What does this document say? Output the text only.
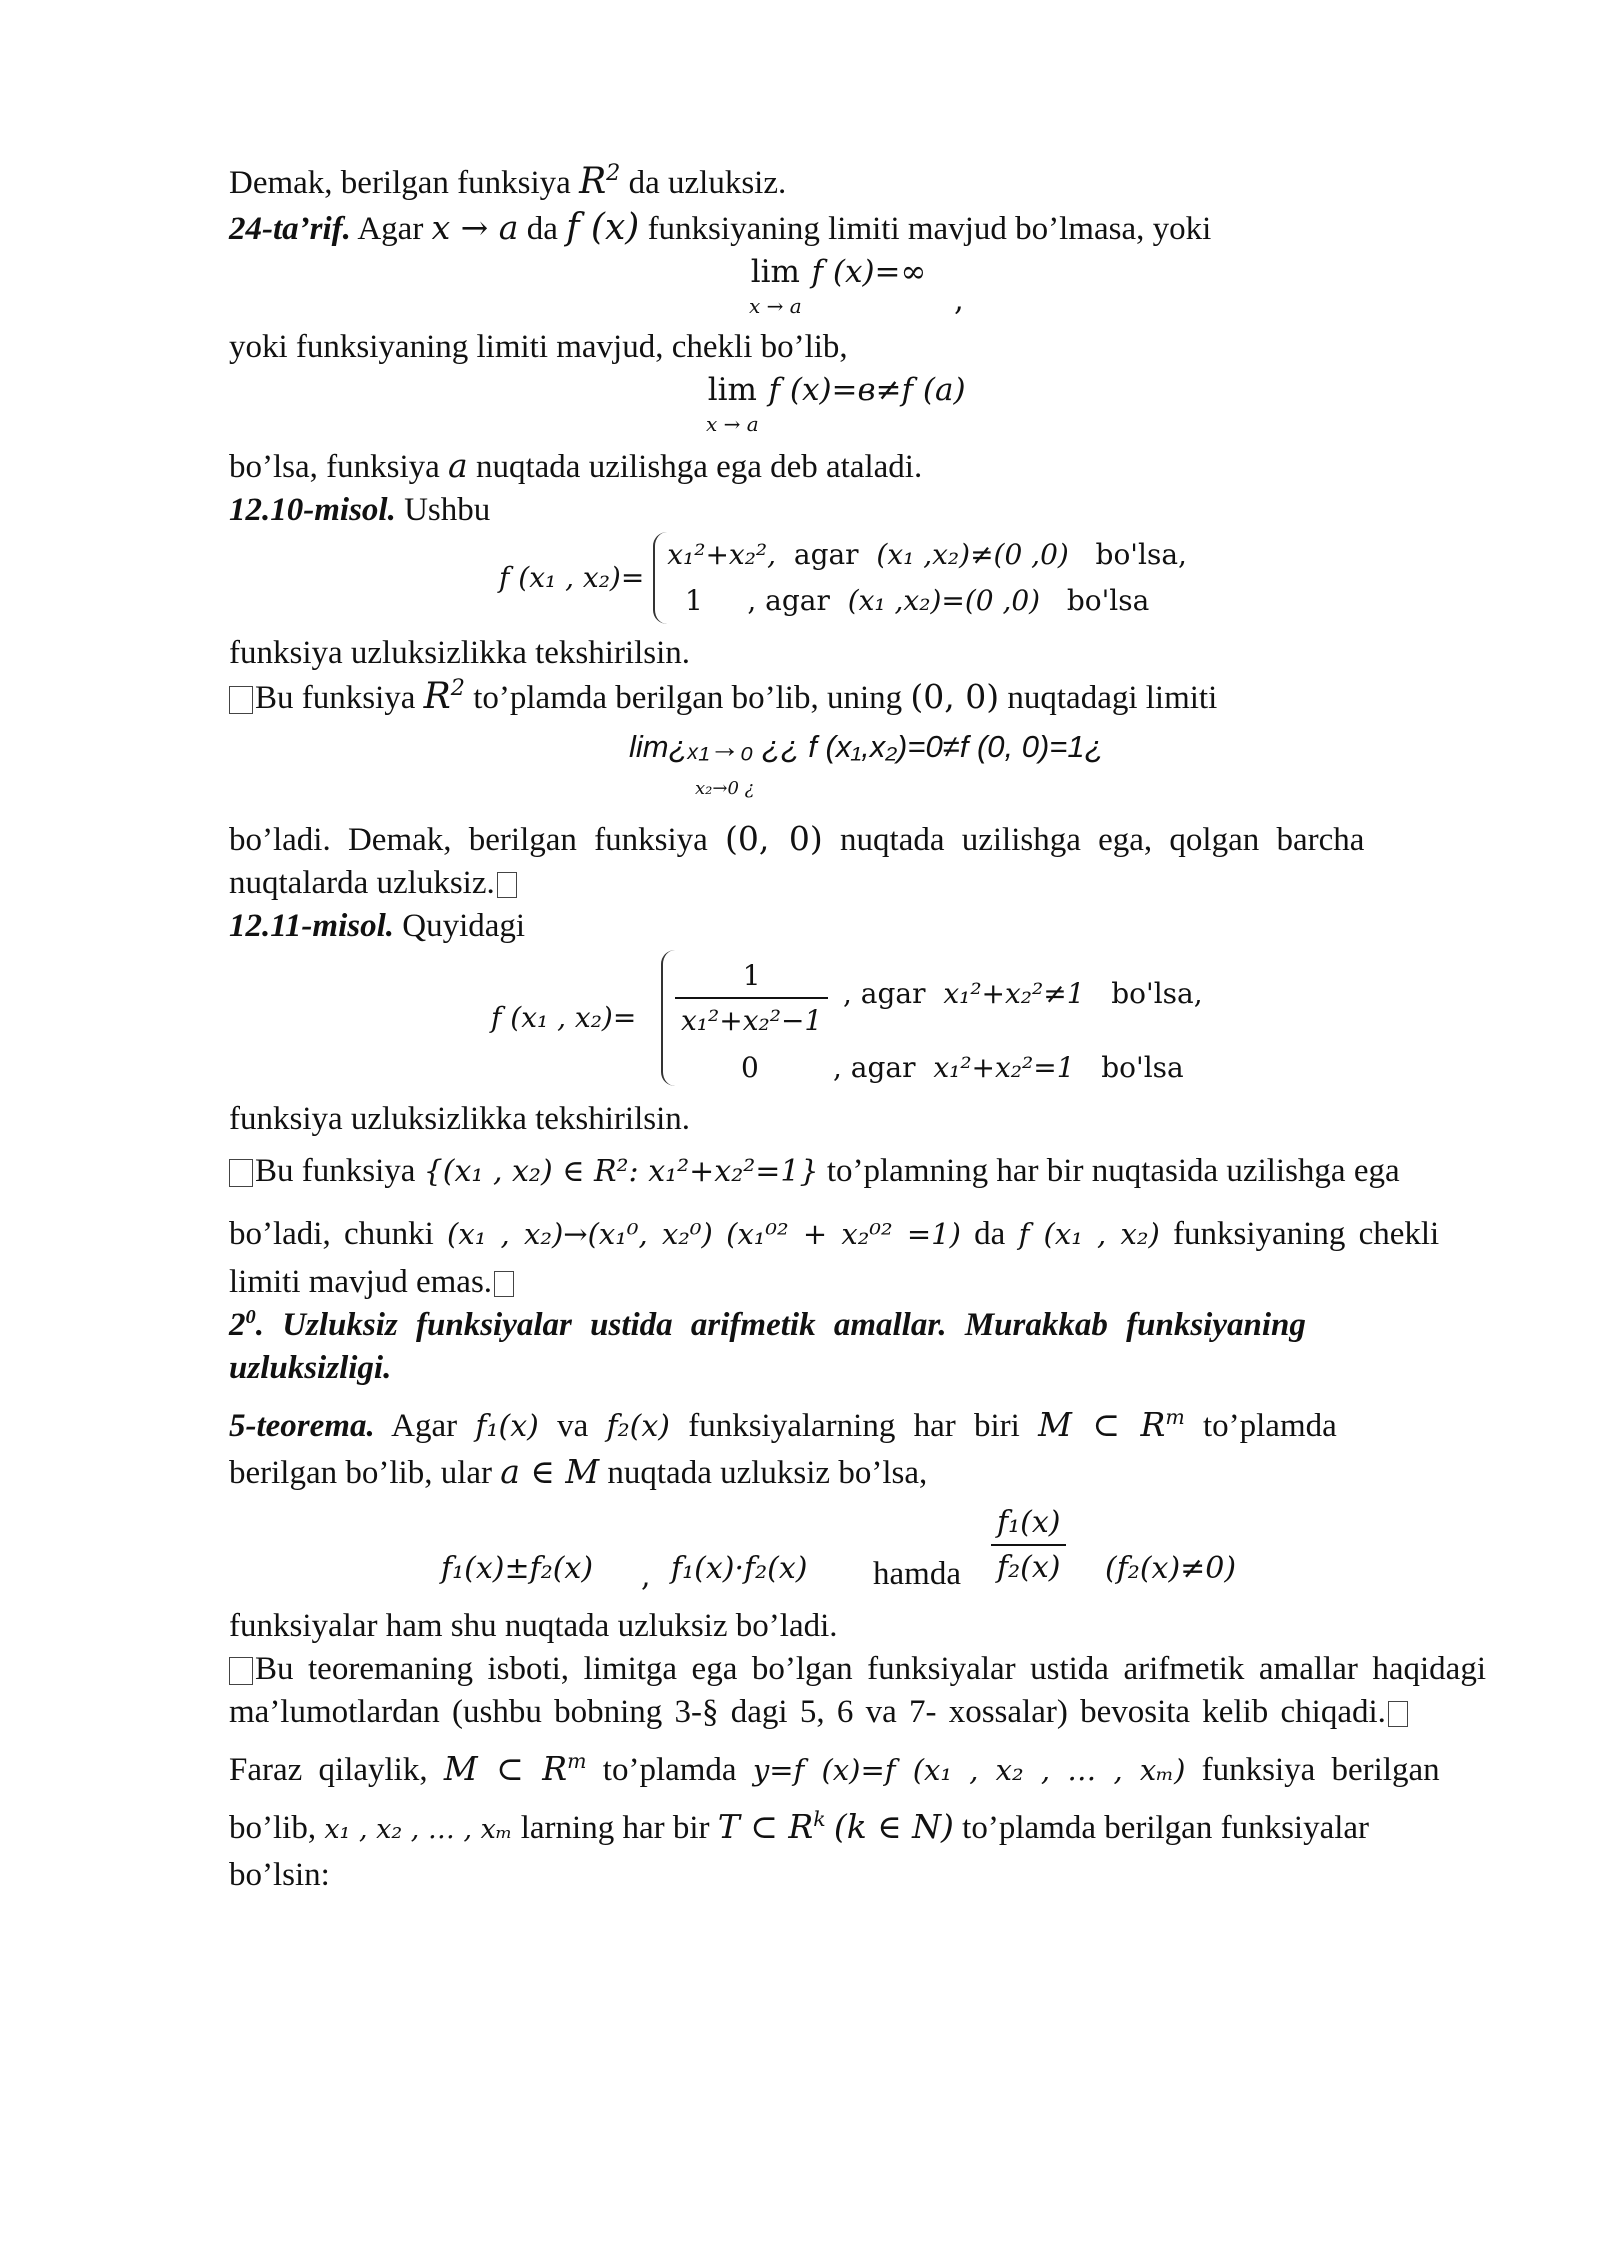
Demak, berilgan funksiya $R^2$ da uzluksiz.

24-ta’rif. Agar x → a da f (x) funksiyaning limiti mavjud bo’lmasa, yoki

lim
x → a
f (x)=∞
,

yoki funksiyaning limiti mavjud, chekli bo’lib,

lim
x → a
f (x)=в≠f (a)

bo’lsa, funksiya a nuqtada uzilishga ega deb ataladi.

12.10-misol. Ushbu

f (x₁ , x₂)=
x₁²+x₂², agar (x₁ ,x₂)≠(0 ,0) bo'lsa,
1 , agar (x₁ ,x₂)=(0 ,0) bo'lsa

funksiya uzluksizlikka tekshirilsin.

Bu funksiya $R^2$ to’plamda berilgan bo’lib, uning (0, 0) nuqtadagi limiti

lim¿ₓ₁→₀ ¿¿ f (x₁,x₂)=0≠f (0, 0)=1¿
x₂→0 ¿

bo’ladi. Demak, berilgan funksiya (0, 0) nuqtada uzilishga ega, qolgan barcha

nuqtalarda uzluksiz.

12.11-misol. Quyidagi

f (x₁ , $x_2)= \frac{1}{\text{x₁²+x₂²−1}}$ , agar x₁²+x₂²≠1 bo'lsa,
0	, agar x₁²+x₂²=1 bo'lsa

funksiya uzluksizlikka tekshirilsin.

Bu funksiya {(x₁ , x₂) ∈ R²: x₁²+x₂²=1} to’plamning har bir nuqtasida uzilishga ega

bo’ladi, chunki (x₁ , x₂)→(x₁⁰, x₂⁰) (x₁⁰² + x₂⁰² =1) da f (x₁ , x₂) funksiyaning chekli

limiti mavjud emas.

$2^0$. Uzluksiz funksiyalar ustida arifmetik amallar. Murakkab funksiyaning

uzluksizligi.

5-teorema. Agar f₁(x) va f₂(x) funksiyalarning har biri M ⊂ $R^m$ to’plamda

berilgan bo’lib, ular a ∈ M nuqtada uzluksiz bo’lsa,

f₁(x)±f₂(x) , f₁(x)·f₂(x) hamda $\frac{\text{f₁(x)}}{\text{f₂(x)}} (f_2(x)\ne 0)$

funksiyalar ham shu nuqtada uzluksiz bo’ladi.

Bu teoremaning isboti, limitga ega bo’lgan funksiyalar ustida arifmetik amallar haqidagi ma’lumotlardan (ushbu bobning 3-§ dagi 5, 6 va 7- xossalar) bevosita kelib chiqadi.

Faraz qilaylik, M ⊂ $R^m$ to’plamda y=f (x)=f (x₁ , x₂ , … , xₘ) funksiya berilgan

bo’lib, x₁ , x₂ , … , xₘ larning har bir T ⊂ $R^k$ (k ∈ N) to’plamda berilgan funksiyalar

bo’lsin:
